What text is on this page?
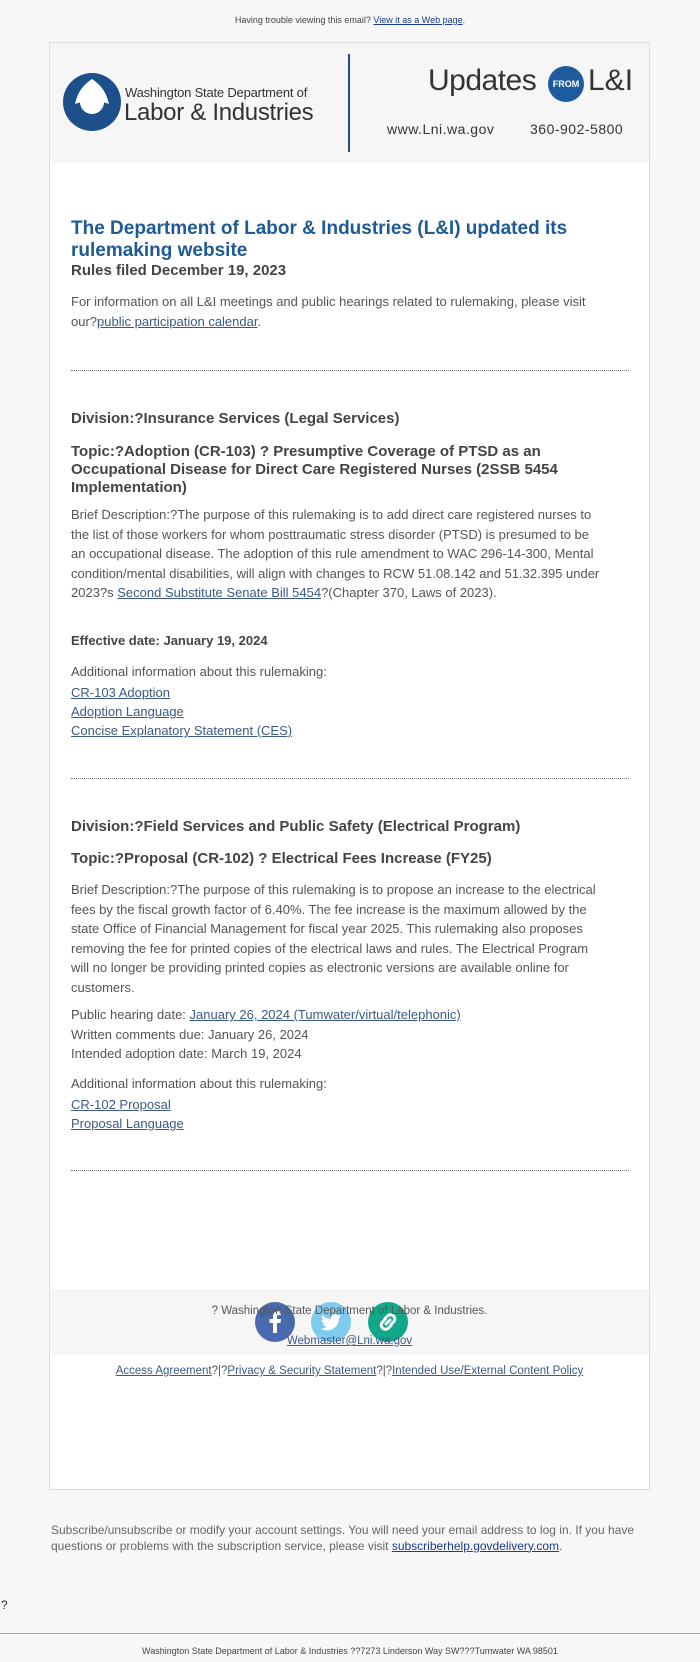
Having trouble viewing this email? View it as a Web page.
Washington State Department of
Labor & Industries
Updates	FROM L&I
www.Lni.wa.gov	360-902-5800
The Department of Labor & Industries (L&I) updated its rulemaking website
Rules filed December 19, 2023

For information on all L&I meetings and public hearings related to rulemaking, please visit our?public participation calendar.

Division:?Insurance Services (Legal Services)
Topic:?Adoption (CR-103) ? Presumptive Coverage of PTSD as an Occupational Disease for Direct Care Registered Nurses (2SSB 5454 Implementation)

Brief Description:?The purpose of this rulemaking is to add direct care registered nurses to the list of those workers for whom posttraumatic stress disorder (PTSD) is presumed to be an occupational disease. The adoption of this rule amendment to WAC 296-14-300, Mental condition/mental disabilities, will align with changes to RCW 51.08.142 and 51.32.395 under 2023?s Second Substitute Senate Bill 5454?(Chapter 370, Laws of 2023).

Effective date: January 19, 2024
Additional information about this rulemaking:
CR-103 Adoption
Adoption Language
Concise Explanatory Statement (CES)
Division:?Field Services and Public Safety (Electrical Program)
Topic:?Proposal (CR-102) ? Electrical Fees Increase (FY25)

Brief Description:?The purpose of this rulemaking is to propose an increase to the electrical fees by the fiscal growth factor of 6.40%. The fee increase is the maximum allowed by the state Office of Financial Management for fiscal year 2025. This rulemaking also proposes removing the fee for printed copies of the electrical laws and rules. The Electrical Program will no longer be providing printed copies as electronic versions are available online for customers.

Public hearing date: January 26, 2024 (Tumwater/virtual/telephonic)
Written comments due: January 26, 2024
Intended adoption date: March 19, 2024
Additional information about this rulemaking:
CR-102 Proposal
Proposal Language
? Washington State Department of Labor & Industries.
Webmaster@Lni.wa.gov
Access Agreement?|?Privacy & Security Statement?|?Intended Use/External Content Policy
Subscribe/unsubscribe or modify your account settings. You will need your email address to log in. If you have questions or problems with the subscription service, please visit subscriberhelp.govdelivery.com.
?
Washington State Department of Labor & Industries ??7273 Linderson Way SW???Tumwater WA 98501
